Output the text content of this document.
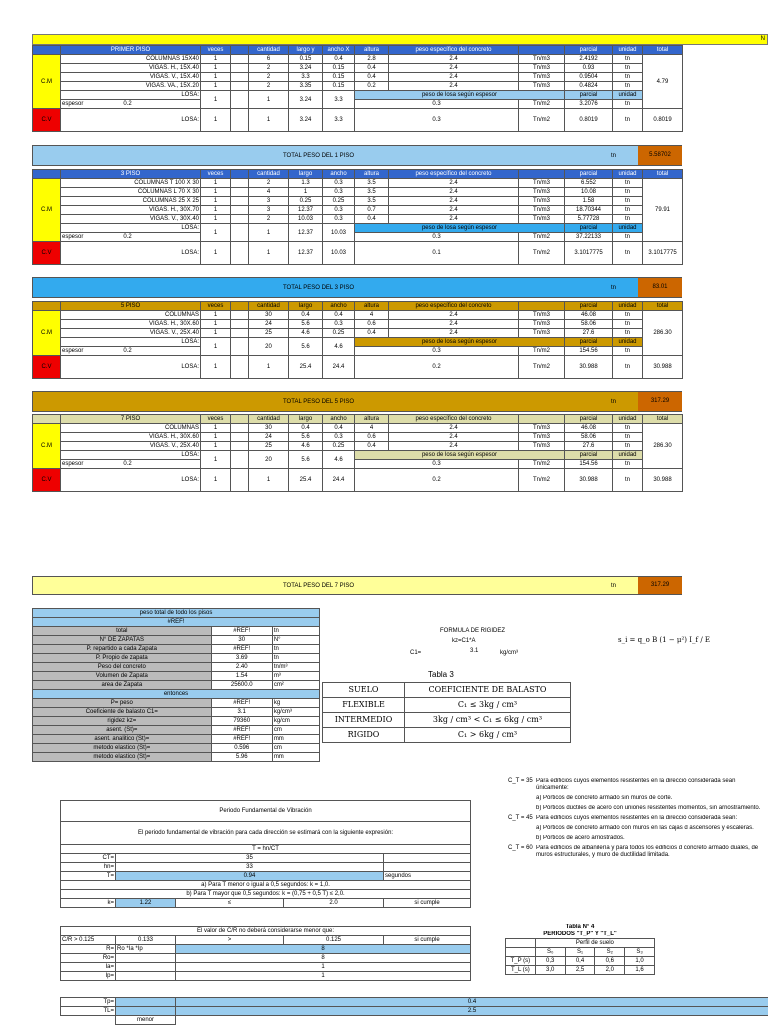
N
	PRIMER PISO	veces		cantidad	largo y	ancho X	altura	peso específico del concreto		parcial	unidad	total
C.M	COLUMNAS 15X40	1		6	0.15	0.4	2.8	2.4	Tn/m3	2.4192	tn	4.79
	VIGAS. H., 15X.40	1		2	3.24	0.15	0.4	2.4	Tn/m3	0.93	tn	
	VIGAS. V., 15X.40	1		2	3.3	0.15	0.4	2.4	Tn/m3	0.9504	tn	
	VIGAS. VA., 15X.20	1		2	3.35	0.15	0.2	2.4	Tn/m3	0.4824	tn	
	LOSA:	1		1	3.24	3.3	peso de losa según espesor			parcial	unidad	
	espesor 0.2						0.3		Tn/m2	3.2076	tn	
C.V	LOSA:	1		1	3.24	3.3	0.3		Tn/m2	0.8019	tn	0.8019
TOTAL PESO DEL 1 PISO	tn	5.58702
	3 PISO	veces		cantidad	largo	ancho	altura	peso específico del concreto		parcial	unidad	total
C.M	COLUMNAS T 100 X 30	1		2	1.3	0.3	3.5	2.4	Tn/m3	6.552	tn	79.91
	COLUMNAS L 70 X 30	1		4	1	0.3	3.5	2.4	Tn/m3	10.08	tn	
	COLUMNAS 25 X 25	1		3	0.25	0.25	3.5	2.4	Tn/m3	1.58	tn	
	VIGAS. H., 30X.70	1		3	12.37	0.3	0.7	2.4	Tn/m3	18.70344	tn	
	VIGAS. V., 30X.40	1		2	10.03	0.3	0.4	2.4	Tn/m3	5.77728	tn	
	LOSA:	1		1	12.37	10.03	peso de losa según espesor			parcial	unidad	
	espesor 0.2						0.3		Tn/m2	37.22133	tn	
C.V	LOSA:	1		1	12.37	10.03	0.1		Tn/m2	3.1017775	tn	3.1017775
TOTAL PESO DEL 3 PISO	tn	83.01
	5 PISO	veces		cantidad	largo	ancho	altura	peso específico del concreto		parcial	unidad	total
C.M	COLUMNAS	1		30	0.4	0.4	4	2.4	Tn/m3	46.08	tn	286.30
	VIGAS. H., 30X.60	1		24	5.6	0.3	0.6	2.4	Tn/m3	58.06	tn	
	VIGAS. V., 25X.40	1		25	4.6	0.25	0.4	2.4	Tn/m3	27.6	tn	
	LOSA:	1		20	5.6	4.6	peso de losa según espesor			parcial	unidad	
	espesor 0.2						0.3		Tn/m2	154.56	tn	
C.V	LOSA:	1		1	25.4	24.4	0.2		Tn/m2	30.988	tn	30.988
TOTAL PESO DEL 5 PISO	tn	317.29
	7 PISO	veces		cantidad	largo	ancho	altura	peso específico del concreto		parcial	unidad	total
C.M	COLUMNAS	1		30	0.4	0.4	4	2.4	Tn/m3	46.08	tn	286.30
	VIGAS. H., 30X.60	1		24	5.6	0.3	0.6	2.4	Tn/m3	58.06	tn	
	VIGAS. V., 25X.40	1		25	4.6	0.25	0.4	2.4	Tn/m3	27.6	tn	
	LOSA:	1		20	5.6	4.6	peso de losa según espesor			parcial	unidad	
	espesor 0.2						0.3		Tn/m2	154.56	tn	
C.V	LOSA:	1		1	25.4	24.4	0.2		Tn/m2	30.988	tn	30.988
TOTAL PESO DEL 7 PISO	tn	317.29
peso total de todo los pisos		
#REF!		
total	#REF!	tn
N° DE ZAPATAS	30	N°
P. repartido a cada Zapata	#REF!	tn
P. Propio de zapata	3.69	tn
Peso del concreto	2.40	tn/m³
Volumen de Zapata	1.54	m³
area de Zapata	25600.0	cm²
entonces		
P= peso	#REF!	kg
Coeficiente de balasto C1=	3.1	kg/cm³
rigidez kz=	79360	kg/cm
asent. (St)=	#REF!	cm
asent. analitico (St)=	#REF!	mm
metodo elastico (St)=	0.596	cm
metodo elastico (St)=	5.96	mm
FORMULA DE RIGIDEZ
kz=C1*A
C1=	3.1	kg/cm³
s_i = q_o B (1 − μ²) I_f / E
Tabla 3
SUELO	COEFICIENTE DE BALASTO
FLEXIBLE	C₁ ≤ 3kg / cm³
INTERMEDIO	3kg / cm³ < C₁ ≤ 6kg / cm³
RIGIDO	C₁ > 6kg / cm³
C_T = 35 Para edificios cuyos elementos resistentes en la direcció considerada sean únicamente:
a) Pórticos de concreto armado sin muros de corte.
b) Pórticos dúctiles de acero con uniones resistentes momentos, sin arriostramiento.
C_T = 45 Para edificios cuyos elementos resistentes en la direcció considerada sean:
a) Pórticos de concreto armado con muros en las cajas d ascensores y escaleras.
b) Pórticos de acero arriostrados.
C_T = 60 Para edificios de albañilería y para todos los edificios d concreto armado duales, de muros estructurales, y muro de ductilidad limitada.
Periodo Fundamental de Vibración				
El periodo fundamental de vibración para cada dirección se estimará con la siguiente expresión:				
T = hn/CT				
CT=	35			
hn=	33			
T=	0.94			segundos
a) Para T menor o igual a 0,5 segundos: k = 1,0.				
b) Para T mayor que 0,5 segundos: k = (0,75 + 0,5 T) ≤ 2,0.				
k=	1.22	≤	2.0	si cumple
El valor de C/R no deberá considerarse menor que:				
C/R > 0.125	0.133	>	0.125	si cumple
R=	Ro *Ia *Ip	8		
Ro=		8		
Ia=		1		
Ip=		1		
Tabla N° 4				
PERÍODOS "T_P" Y "T_L"				
	Perfil de suelo			
	S₀	S₁	S₂	S₃
T_P (s)	0,3	0,4	0,6	1,0
T_L (s)	3,0	2,5	2,0	1,6
Tp=		0.4
TL=		2.5
	menor	
